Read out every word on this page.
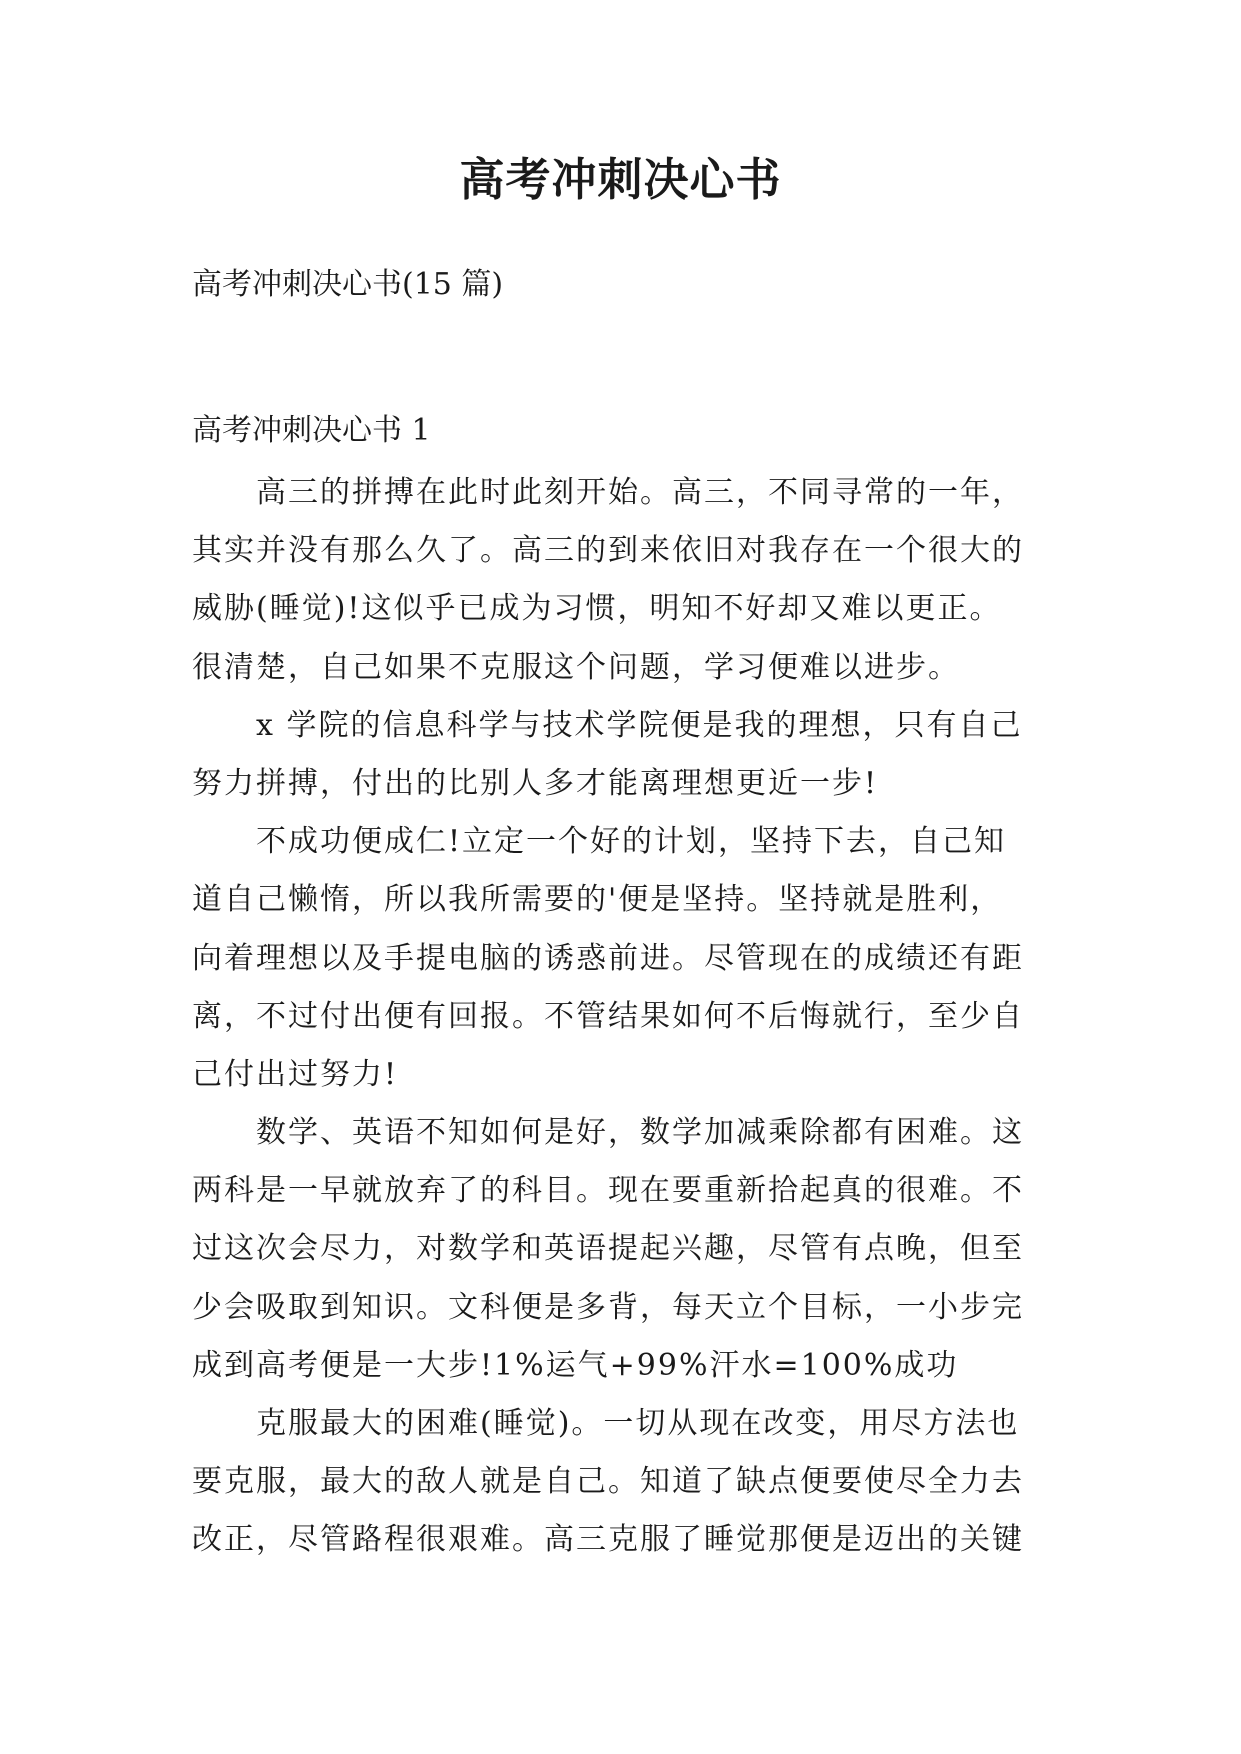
高考冲刺决心书
高考冲刺决心书(15 篇)
高考冲刺决心书 1
高三的拼搏在此时此刻开始。高三，不同寻常的一年，
其实并没有那么久了。高三的到来依旧对我存在一个很大的
威胁(睡觉)!这似乎已成为习惯，明知不好却又难以更正。
很清楚，自己如果不克服这个问题，学习便难以进步。
x 学院的信息科学与技术学院便是我的理想，只有自己
努力拼搏，付出的比别人多才能离理想更近一步!
不成功便成仁!立定一个好的计划，坚持下去，自己知
道自己懒惰，所以我所需要的'便是坚持。坚持就是胜利，
向着理想以及手提电脑的诱惑前进。尽管现在的成绩还有距
离，不过付出便有回报。不管结果如何不后悔就行，至少自
己付出过努力!
数学、英语不知如何是好，数学加减乘除都有困难。这
两科是一早就放弃了的科目。现在要重新拾起真的很难。不
过这次会尽力，对数学和英语提起兴趣，尽管有点晚，但至
少会吸取到知识。文科便是多背，每天立个目标，一小步完
成到高考便是一大步!1%运气+99%汗水=100%成功
克服最大的困难(睡觉)。一切从现在改变，用尽方法也
要克服，最大的敌人就是自己。知道了缺点便要使尽全力去
改正，尽管路程很艰难。高三克服了睡觉那便是迈出的关键
